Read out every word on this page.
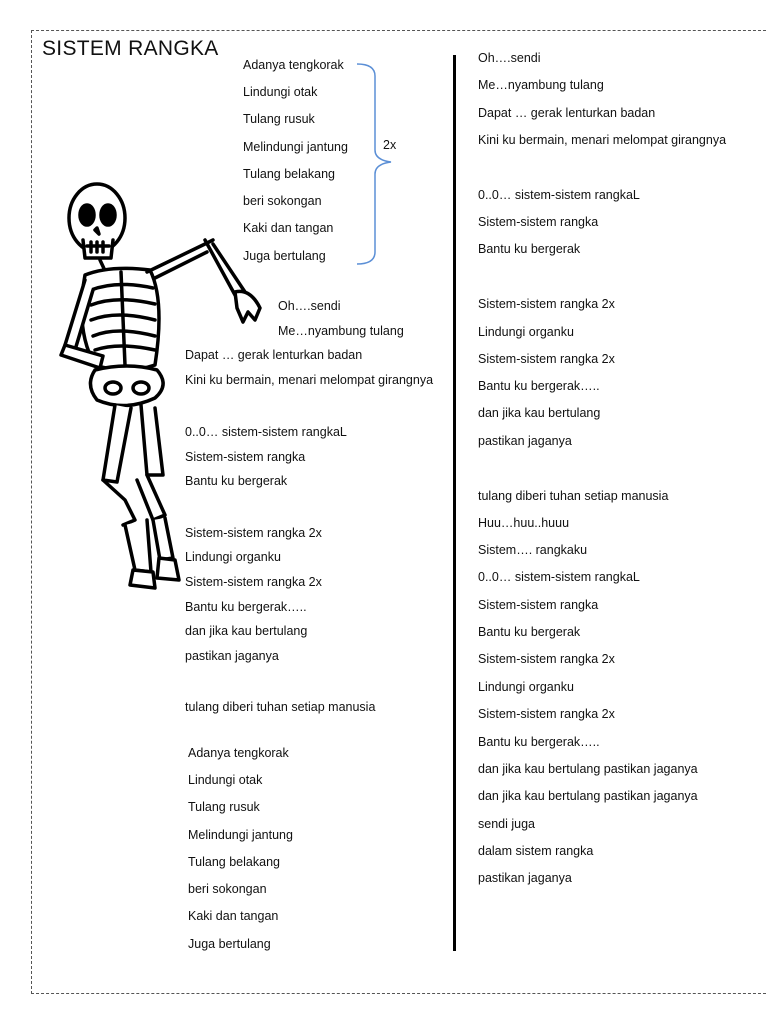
SISTEM RANGKA
Adanya tengkorak
Lindungi otak
Tulang rusuk
Melindungi jantung
Tulang belakang
beri sokongan
Kaki dan tangan
Juga bertulang
2x
Oh….sendi
Me…nyambung tulang
Dapat … gerak lenturkan badan
Kini ku bermain, menari melompat girangnya
0..0… sistem-sistem rangkaL
Sistem-sistem rangka
Bantu ku bergerak
Sistem-sistem rangka 2x
Lindungi organku
Sistem-sistem rangka 2x
Bantu ku bergerak…..
dan jika kau bertulang
pastikan jaganya
tulang diberi tuhan setiap manusia
Adanya tengkorak
Lindungi otak
Tulang rusuk
Melindungi jantung
Tulang belakang
beri sokongan
Kaki dan tangan
Juga bertulang
Oh….sendi
Me…nyambung tulang
Dapat … gerak lenturkan badan
Kini ku bermain, menari melompat girangnya
0..0… sistem-sistem rangkaL
Sistem-sistem rangka
Bantu ku bergerak
Sistem-sistem rangka 2x
Lindungi organku
Sistem-sistem rangka 2x
Bantu ku bergerak…..
dan jika kau bertulang
pastikan jaganya
tulang diberi tuhan setiap manusia
Huu…huu..huuu
Sistem…. rangkaku
0..0… sistem-sistem rangkaL
Sistem-sistem rangka
Bantu ku bergerak
Sistem-sistem rangka 2x
Lindungi organku
Sistem-sistem rangka 2x
Bantu ku bergerak…..
dan jika kau bertulang pastikan jaganya
dan jika kau bertulang pastikan jaganya
sendi juga
dalam sistem rangka
pastikan jaganya
